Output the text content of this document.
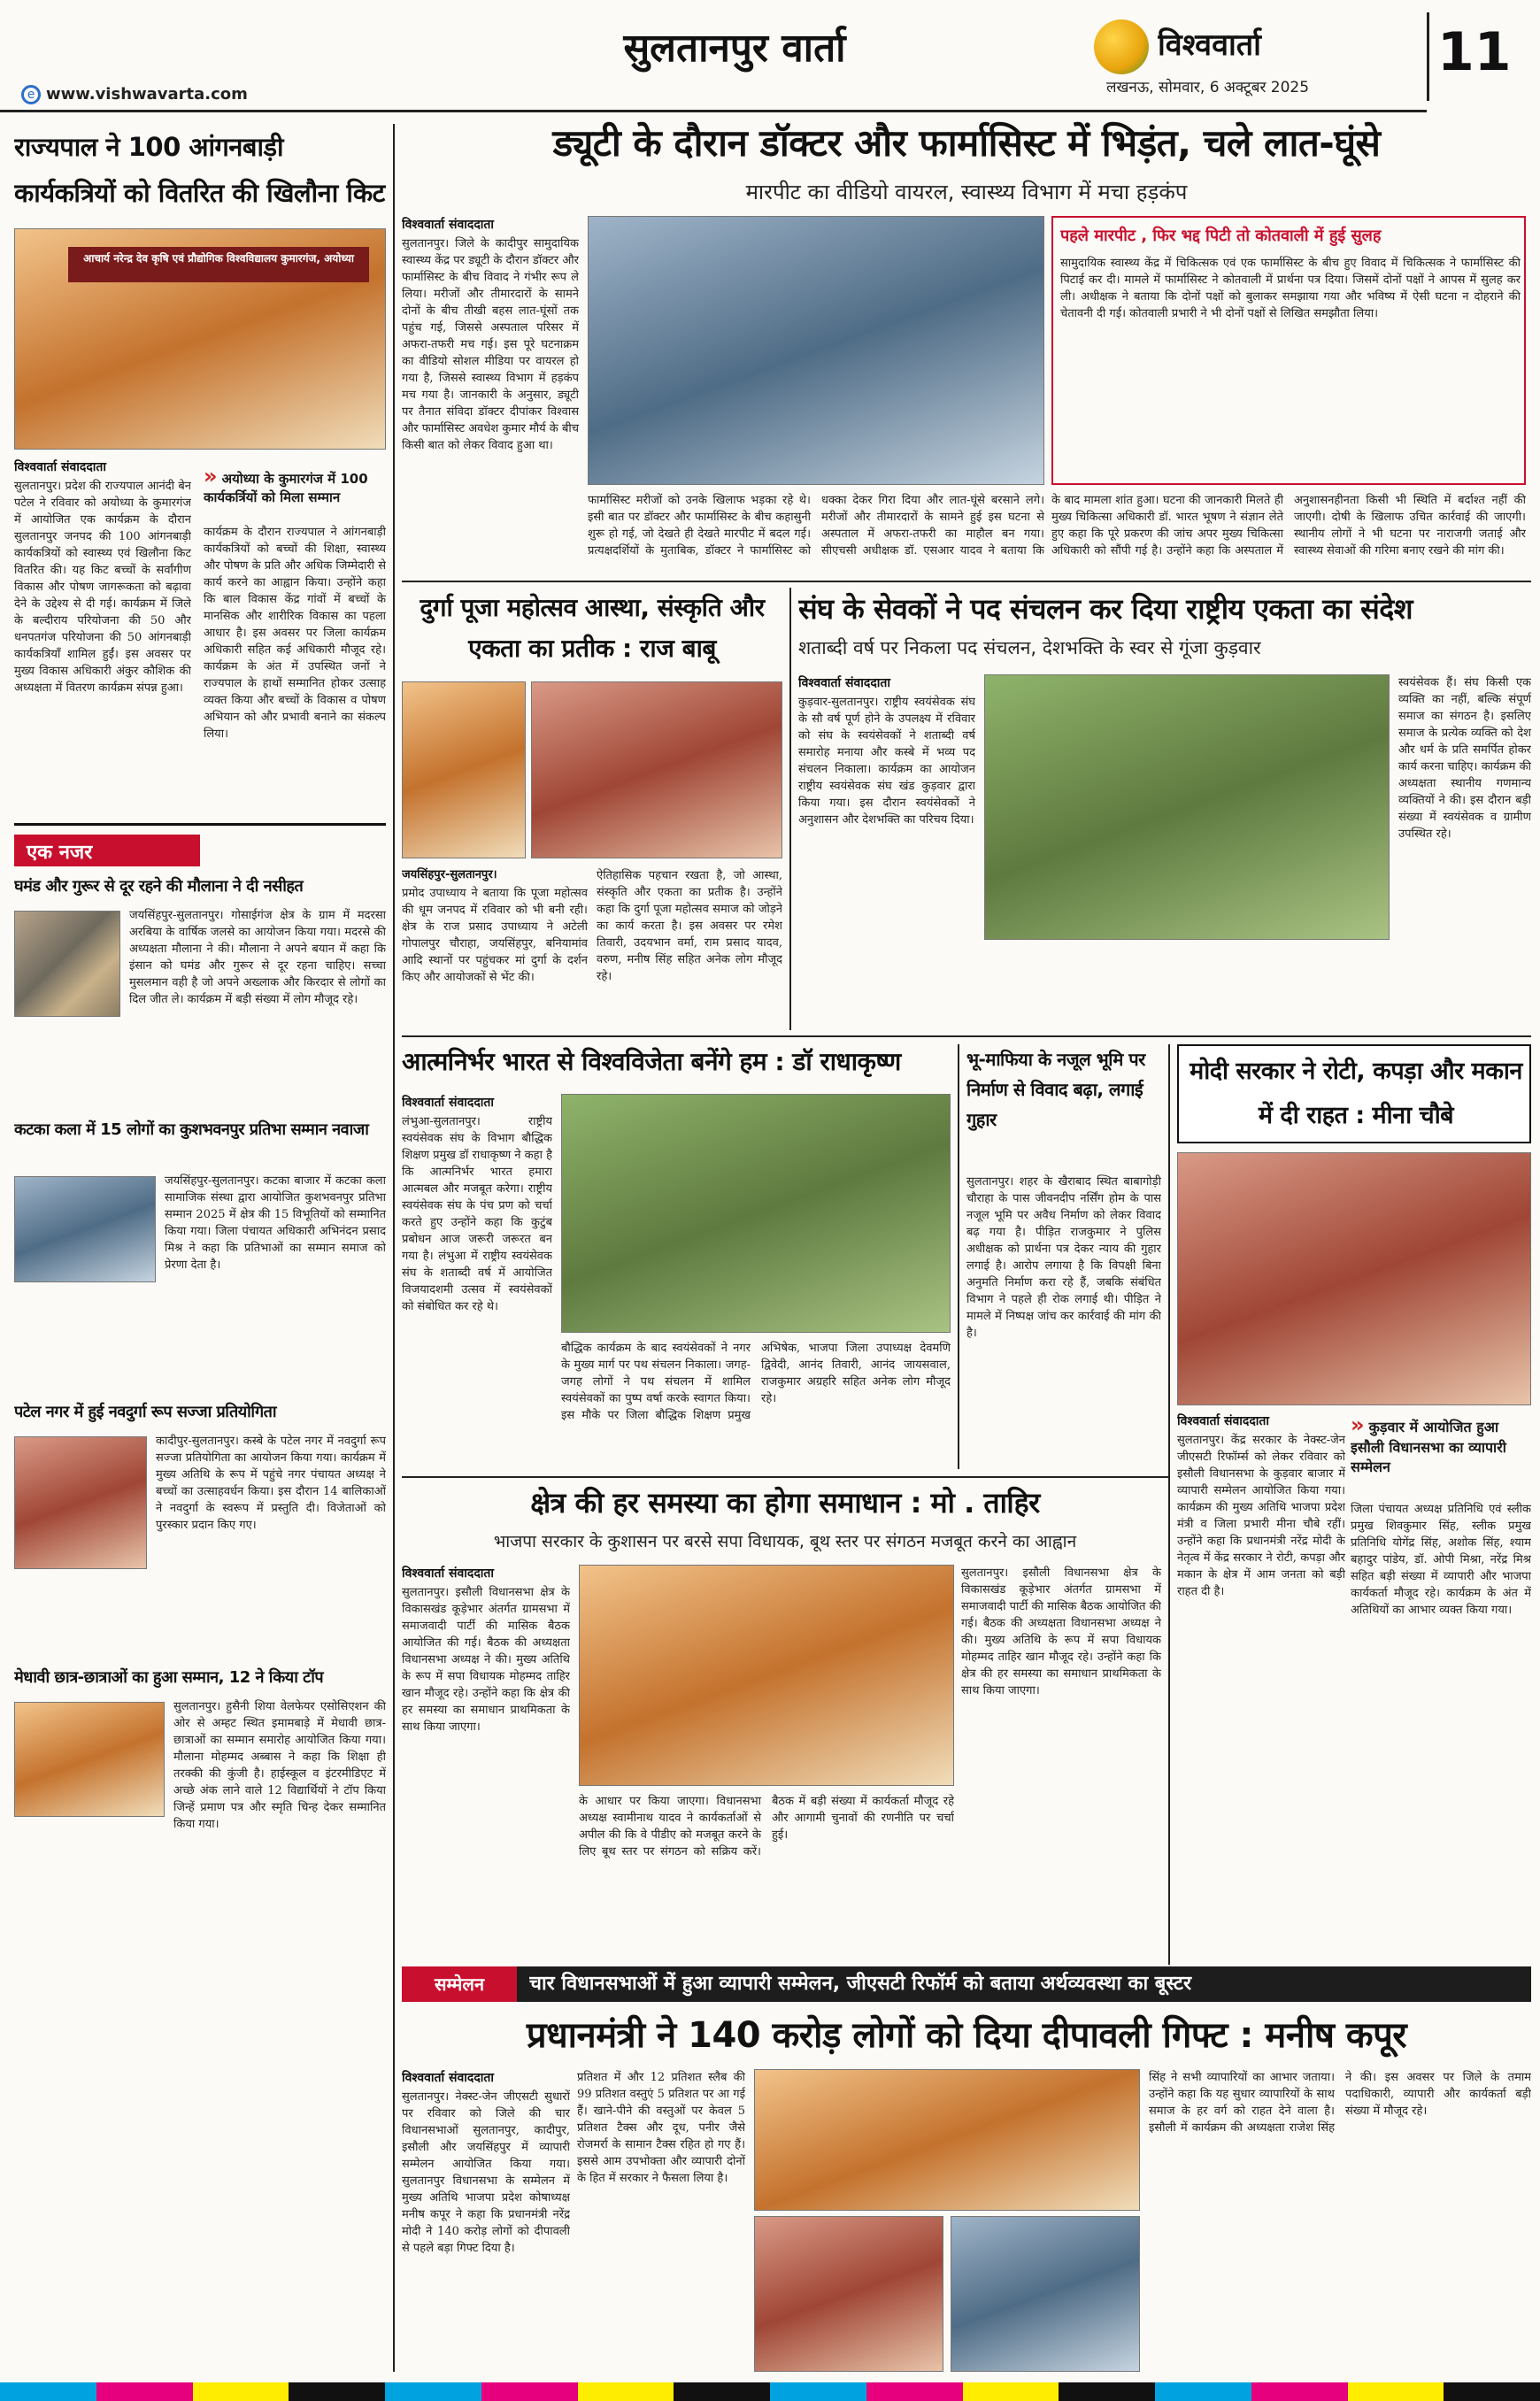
सुलतानपुर वार्ता	विश्ववार्ता
लखनऊ, सोमवार, 6 अक्टूबर 2025
11
e www.vishwavarta.com
राज्यपाल ने 100 आंगनबाड़ी कार्यकत्रियों को वितरित की खिलौना किट
आचार्य नरेन्द्र देव कृषि एवं प्रौद्योगिक विश्वविद्यालय कुमारगंज, अयोध्या
विश्ववार्ता संवाददाता
सुलतानपुर। प्रदेश की राज्यपाल आनंदी बेन पटेल ने रविवार को अयोध्या के कुमारगंज में आयोजित एक कार्यक्रम के दौरान सुलतानपुर जनपद की 100 आंगनबाड़ी कार्यकत्रियों को स्वास्थ्य एवं खिलौना किट वितरित की। यह किट बच्चों के सर्वांगीण विकास और पोषण जागरूकता को बढ़ावा देने के उद्देश्य से दी गई। कार्यक्रम में जिले के बल्दीराय परियोजना की 50 और धनपतगंज परियोजना की 50 आंगनबाड़ी कार्यकत्रियाँ शामिल हुईं। इस अवसर पर मुख्य विकास अधिकारी अंकुर कौशिक की अध्यक्षता में वितरण कार्यक्रम संपन्न हुआ।
» अयोध्या के कुमारगंज में 100 कार्यकर्त्रियों को मिला सम्मान
कार्यक्रम के दौरान राज्यपाल ने आंगनबाड़ी कार्यकत्रियों को बच्चों की शिक्षा, स्वास्थ्य और पोषण के प्रति और अधिक जिम्मेदारी से कार्य करने का आह्वान किया। उन्होंने कहा कि बाल विकास केंद्र गांवों में बच्चों के मानसिक और शारीरिक विकास का पहला आधार है। इस अवसर पर जिला कार्यक्रम अधिकारी सहित कई अधिकारी मौजूद रहे। कार्यक्रम के अंत में उपस्थित जनों ने राज्यपाल के हाथों सम्मानित होकर उत्साह व्यक्त किया और बच्चों के विकास व पोषण अभियान को और प्रभावी बनाने का संकल्प लिया।
एक नजर
घमंड और गुरूर से दूर रहने की मौलाना ने दी नसीहत
जयसिंहपुर-सुलतानपुर। गोसाईगंज क्षेत्र के ग्राम में मदरसा अरबिया के वार्षिक जलसे का आयोजन किया गया। मदरसे की अध्यक्षता मौलाना ने की। मौलाना ने अपने बयान में कहा कि इंसान को घमंड और गुरूर से दूर रहना चाहिए। सच्चा मुसलमान वही है जो अपने अख्लाक और किरदार से लोगों का दिल जीत ले। कार्यक्रम में बड़ी संख्या में लोग मौजूद रहे।
कटका कला में 15 लोगों का कुशभवनपुर प्रतिभा सम्मान नवाजा
जयसिंहपुर-सुलतानपुर। कटका बाजार में कटका कला सामाजिक संस्था द्वारा आयोजित कुशभवनपुर प्रतिभा सम्मान 2025 में क्षेत्र की 15 विभूतियों को सम्मानित किया गया। जिला पंचायत अधिकारी अभिनंदन प्रसाद मिश्र ने कहा कि प्रतिभाओं का सम्मान समाज को प्रेरणा देता है।
पटेल नगर में हुई नवदुर्गा रूप सज्जा प्रतियोगिता
कादीपुर-सुलतानपुर। कस्बे के पटेल नगर में नवदुर्गा रूप सज्जा प्रतियोगिता का आयोजन किया गया। कार्यक्रम में मुख्य अतिथि के रूप में पहुंचे नगर पंचायत अध्यक्ष ने बच्चों का उत्साहवर्धन किया। इस दौरान 14 बालिकाओं ने नवदुर्गा के स्वरूप में प्रस्तुति दी। विजेताओं को पुरस्कार प्रदान किए गए।
मेधावी छात्र-छात्राओं का हुआ सम्मान, 12 ने किया टॉप
सुलतानपुर। हुसैनी शिया वेलफेयर एसोसिएशन की ओर से अम्हट स्थित इमामबाड़े में मेधावी छात्र-छात्राओं का सम्मान समारोह आयोजित किया गया। मौलाना मोहम्मद अब्बास ने कहा कि शिक्षा ही तरक्की की कुंजी है। हाईस्कूल व इंटरमीडिएट में अच्छे अंक लाने वाले 12 विद्यार्थियों ने टॉप किया जिन्हें प्रमाण पत्र और स्मृति चिन्ह देकर सम्मानित किया गया।
ड्यूटी के दौरान डॉक्टर और फार्मासिस्ट में भिड़ंत, चले लात-घूंसे
मारपीट का वीडियो वायरल, स्वास्थ्य विभाग में मचा हड़कंप
विश्ववार्ता संवाददाता
सुलतानपुर। जिले के कादीपुर सामुदायिक स्वास्थ्य केंद्र पर ड्यूटी के दौरान डॉक्टर और फार्मासिस्ट के बीच विवाद ने गंभीर रूप ले लिया। मरीजों और तीमारदारों के सामने दोनों के बीच तीखी बहस लात-घूंसों तक पहुंच गई, जिससे अस्पताल परिसर में अफरा-तफरी मच गई। इस पूरे घटनाक्रम का वीडियो सोशल मीडिया पर वायरल हो गया है, जिससे स्वास्थ्य विभाग में हड़कंप मच गया है। जानकारी के अनुसार, ड्यूटी पर तैनात संविदा डॉक्टर दीपांकर विश्वास और फार्मासिस्ट अवधेश कुमार मौर्य के बीच किसी बात को लेकर विवाद हुआ था।
फार्मासिस्ट मरीजों को उनके खिलाफ भड़का रहे थे। इसी बात पर डॉक्टर और फार्मासिस्ट के बीच कहासुनी शुरू हो गई, जो देखते ही देखते मारपीट में बदल गई। प्रत्यक्षदर्शियों के मुताबिक, डॉक्टर ने फार्मासिस्ट को धक्का देकर गिरा दिया और लात-घूंसे बरसाने लगे। मरीजों और तीमारदारों के सामने हुई इस घटना से अस्पताल में अफरा-तफरी का माहौल बन गया। सीएचसी अधीक्षक डॉ. एसआर यादव ने बताया कि
के बाद मामला शांत हुआ। घटना की जानकारी मिलते ही मुख्य चिकित्सा अधिकारी डॉ. भारत भूषण ने संज्ञान लेते हुए कहा कि पूरे प्रकरण की जांच अपर मुख्य चिकित्सा अधिकारी को सौंपी गई है। उन्होंने कहा कि अस्पताल में अनुशासनहीनता किसी भी स्थिति में बर्दाश्त नहीं की जाएगी। दोषी के खिलाफ उचित कार्रवाई की जाएगी। स्थानीय लोगों ने भी घटना पर नाराजगी जताई और स्वास्थ्य सेवाओं की गरिमा बनाए रखने की मांग की।
पहले मारपीट , फिर भद्द पिटी तो कोतवाली में हुई सुलह
सामुदायिक स्वास्थ्य केंद्र में चिकित्सक एवं एक फार्मासिस्ट के बीच हुए विवाद में चिकित्सक ने फार्मासिस्ट की पिटाई कर दी। मामले में फार्मासिस्ट ने कोतवाली में प्रार्थना पत्र दिया। जिसमें दोनों पक्षों ने आपस में सुलह कर ली। अधीक्षक ने बताया कि दोनों पक्षों को बुलाकर समझाया गया और भविष्य में ऐसी घटना न दोहराने की चेतावनी दी गई। कोतवाली प्रभारी ने भी दोनों पक्षों से लिखित समझौता लिया।
दुर्गा पूजा महोत्सव आस्था, संस्कृति और एकता का प्रतीक : राज बाबू
जयसिंहपुर-सुलतानपुर।
प्रमोद उपाध्याय ने बताया कि पूजा महोत्सव की धूम जनपद में रविवार को भी बनी रही। क्षेत्र के राज प्रसाद उपाध्याय ने अटेली गोपालपुर चौराहा, जयसिंहपुर, बनियामांव आदि स्थानों पर पहुंचकर मां दुर्गा के दर्शन किए और आयोजकों से भेंट की।
ऐतिहासिक पहचान रखता है, जो आस्था, संस्कृति और एकता का प्रतीक है। उन्होंने कहा कि दुर्गा पूजा महोत्सव समाज को जोड़ने का कार्य करता है। इस अवसर पर रमेश तिवारी, उदयभान वर्मा, राम प्रसाद यादव, वरुण, मनीष सिंह सहित अनेक लोग मौजूद रहे।
संघ के सेवकों ने पद संचलन कर दिया राष्ट्रीय एकता का संदेश
शताब्दी वर्ष पर निकला पद संचलन, देशभक्ति के स्वर से गूंजा कुड़वार
विश्ववार्ता संवाददाता
कुड़वार-सुलतानपुर। राष्ट्रीय स्वयंसेवक संघ के सौ वर्ष पूर्ण होने के उपलक्ष्य में रविवार को संघ के स्वयंसेवकों ने शताब्दी वर्ष समारोह मनाया और कस्बे में भव्य पद संचलन निकाला। कार्यक्रम का आयोजन राष्ट्रीय स्वयंसेवक संघ खंड कुड़वार द्वारा किया गया। इस दौरान स्वयंसेवकों ने अनुशासन और देशभक्ति का परिचय दिया।
स्वयंसेवक हैं। संघ किसी एक व्यक्ति का नहीं, बल्कि संपूर्ण समाज का संगठन है। इसलिए समाज के प्रत्येक व्यक्ति को देश और धर्म के प्रति समर्पित होकर कार्य करना चाहिए। कार्यक्रम की अध्यक्षता स्थानीय गणमान्य व्यक्तियों ने की। इस दौरान बड़ी संख्या में स्वयंसेवक व ग्रामीण उपस्थित रहे।
आत्मनिर्भर भारत से विश्वविजेता बनेंगे हम : डॉ राधाकृष्ण
विश्ववार्ता संवाददाता
लंभुआ-सुलतानपुर। राष्ट्रीय स्वयंसेवक संघ के विभाग बौद्धिक शिक्षण प्रमुख डॉ राधाकृष्ण ने कहा है कि आत्मनिर्भर भारत हमारा आत्मबल और मजबूत करेगा। राष्ट्रीय स्वयंसेवक संघ के पंच प्रण को चर्चा करते हुए उन्होंने कहा कि कुटुंब प्रबोधन आज जरूरी जरूरत बन गया है। लंभुआ में राष्ट्रीय स्वयंसेवक संघ के शताब्दी वर्ष में आयोजित विजयादशमी उत्सव में स्वयंसेवकों को संबोधित कर रहे थे।
बौद्धिक कार्यक्रम के बाद स्वयंसेवकों ने नगर के मुख्य मार्ग पर पथ संचलन निकाला। जगह-जगह लोगों ने पथ संचलन में शामिल स्वयंसेवकों का पुष्प वर्षा करके स्वागत किया। इस मौके पर जिला बौद्धिक शिक्षण प्रमुख अभिषेक, भाजपा जिला उपाध्यक्ष देवमणि द्विवेदी, आनंद तिवारी, आनंद जायसवाल, राजकुमार अग्रहरि सहित अनेक लोग मौजूद रहे।
भू-माफिया के नजूल भूमि पर निर्माण से विवाद बढ़ा, लगाई गुहार
सुलतानपुर। शहर के खैराबाद स्थित बाबागोड़ी चौराहा के पास जीवनदीप नर्सिंग होम के पास नजूल भूमि पर अवैध निर्माण को लेकर विवाद बढ़ गया है। पीड़ित राजकुमार ने पुलिस अधीक्षक को प्रार्थना पत्र देकर न्याय की गुहार लगाई है। आरोप लगाया है कि विपक्षी बिना अनुमति निर्माण करा रहे हैं, जबकि संबंधित विभाग ने पहले ही रोक लगाई थी। पीड़ित ने मामले में निष्पक्ष जांच कर कार्रवाई की मांग की है।
मोदी सरकार ने रोटी, कपड़ा और मकान में दी राहत : मीना चौबे
विश्ववार्ता संवाददाता	» कुड़वार में आयोजित हुआ इसौली विधानसभा का व्यापारी सम्मेलन
सुलतानपुर। केंद्र सरकार के नेक्स्ट-जेन जीएसटी रिफॉर्म्स को लेकर रविवार को इसौली विधानसभा के कुड़वार बाजार में व्यापारी सम्मेलन आयोजित किया गया। कार्यक्रम की मुख्य अतिथि भाजपा प्रदेश मंत्री व जिला प्रभारी मीना चौबे रहीं। उन्होंने कहा कि प्रधानमंत्री नरेंद्र मोदी के नेतृत्व में केंद्र सरकार ने रोटी, कपड़ा और मकान के क्षेत्र में आम जनता को बड़ी राहत दी है।
जिला पंचायत अध्यक्ष प्रतिनिधि एवं स्लीक प्रमुख शिवकुमार सिंह, स्लीक प्रमुख प्रतिनिधि योगेंद्र सिंह, अशोक सिंह, श्याम बहादुर पांडेय, डॉ. ओपी मिश्रा, नरेंद्र मिश्र सहित बड़ी संख्या में व्यापारी और भाजपा कार्यकर्ता मौजूद रहे। कार्यक्रम के अंत में अतिथियों का आभार व्यक्त किया गया।
क्षेत्र की हर समस्या का होगा समाधान : मो . ताहिर
भाजपा सरकार के कुशासन पर बरसे सपा विधायक, बूथ स्तर पर संगठन मजबूत करने का आह्वान
विश्ववार्ता संवाददाता
सुलतानपुर। इसौली विधानसभा क्षेत्र के विकासखंड कूड़ेभार अंतर्गत ग्रामसभा में समाजवादी पार्टी की मासिक बैठक आयोजित की गई। बैठक की अध्यक्षता विधानसभा अध्यक्ष ने की। मुख्य अतिथि के रूप में सपा विधायक मोहम्मद ताहिर खान मौजूद रहे। उन्होंने कहा कि क्षेत्र की हर समस्या का समाधान प्राथमिकता के साथ किया जाएगा।
के आधार पर किया जाएगा। विधानसभा अध्यक्ष स्वामीनाथ यादव ने कार्यकर्ताओं से अपील की कि वे पीडीए को मजबूत करने के लिए बूथ स्तर पर संगठन को सक्रिय करें। बैठक में बड़ी संख्या में कार्यकर्ता मौजूद रहे और आगामी चुनावों की रणनीति पर चर्चा हुई।
सुलतानपुर। इसौली विधानसभा क्षेत्र के विकासखंड कूड़ेभार अंतर्गत ग्रामसभा में समाजवादी पार्टी की मासिक बैठक आयोजित की गई। बैठक की अध्यक्षता विधानसभा अध्यक्ष ने की। मुख्य अतिथि के रूप में सपा विधायक मोहम्मद ताहिर खान मौजूद रहे। उन्होंने कहा कि क्षेत्र की हर समस्या का समाधान प्राथमिकता के साथ किया जाएगा।
सम्मेलन	चार विधानसभाओं में हुआ व्यापारी सम्मेलन, जीएसटी रिफॉर्म को बताया अर्थव्यवस्था का बूस्टर
प्रधानमंत्री ने 140 करोड़ लोगों को दिया दीपावली गिफ्ट : मनीष कपूर
विश्ववार्ता संवाददाता
सुलतानपुर। नेक्स्ट-जेन जीएसटी सुधारों पर रविवार को जिले की चार विधानसभाओं सुलतानपुर, कादीपुर, इसौली और जयसिंहपुर में व्यापारी सम्मेलन आयोजित किया गया। सुलतानपुर विधानसभा के सम्मेलन में मुख्य अतिथि भाजपा प्रदेश कोषाध्यक्ष मनीष कपूर ने कहा कि प्रधानमंत्री नरेंद्र मोदी ने 140 करोड़ लोगों को दीपावली से पहले बड़ा गिफ्ट दिया है।
प्रतिशत में और 12 प्रतिशत स्लैब की 99 प्रतिशत वस्तुएं 5 प्रतिशत पर आ गई हैं। खाने-पीने की वस्तुओं पर केवल 5 प्रतिशत टैक्स और दूध, पनीर जैसे रोजमर्रा के सामान टैक्स रहित हो गए हैं। इससे आम उपभोक्ता और व्यापारी दोनों के हित में सरकार ने फैसला लिया है।
सिंह ने सभी व्यापारियों का आभार जताया। उन्होंने कहा कि यह सुधार व्यापारियों के साथ समाज के हर वर्ग को राहत देने वाला है। इसौली में कार्यक्रम की अध्यक्षता राजेश सिंह ने की। इस अवसर पर जिले के तमाम पदाधिकारी, व्यापारी और कार्यकर्ता बड़ी संख्या में मौजूद रहे।
